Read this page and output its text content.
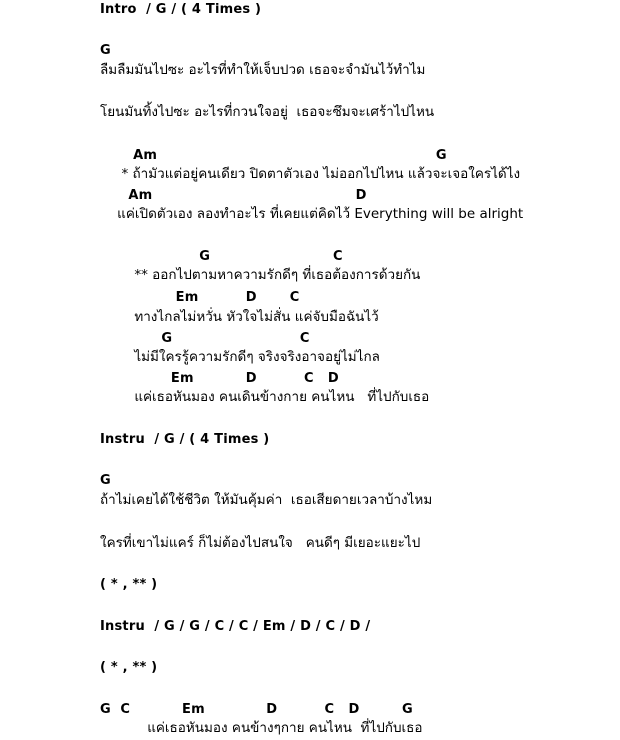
Intro  / G / ( 4 Times )
G
ลืมลืมมันไปซะ อะไรที่ทำให้เจ็บปวด เธอจะจำมันไว้ทำไม
โยนมันทิ้งไปซะ อะไรที่กวนใจอยู่  เธอจะซึมจะเศร้าไปไหน
Am                                                           G
* ถ้ามัวแต่อยู่คนเดียว ปิดตาตัวเอง ไม่ออกไปไหน แล้วจะเจอใครได้ไง
Am                                           D
แค่เปิดตัวเอง ลองทำอะไร ที่เคยแต่คิดไว้ Everything will be alright
G                          C
** ออกไปตามหาความรักดีๆ ที่เธอต้องการด้วยกัน
Em          D       C
ทางไกลไม่หวั่น หัวใจไม่สั่น แค่จับมือฉันไว้
G                           C
ไม่มีใครรู้ความรักดีๆ จริงจริงอาจอยู่ไม่ไกล
Em           D          C   D
แค่เธอหันมอง คนเดินข้างกาย คนไหน   ที่ไปกับเธอ
Instru  / G / ( 4 Times )
G
ถ้าไม่เคยได้ใช้ชีวิต ให้มันคุ้มค่า  เธอเสียดายเวลาบ้างไหม
ใครที่เขาไม่แคร์ ก็ไม่ต้องไปสนใจ   คนดีๆ มีเยอะแยะไป
( * , ** )
Instru  / G / G / C / C / Em / D / C / D /
( * , ** )
G  C           Em             D          C   D         G
แค่เธอหันมอง คนข้างๆกาย คนไหน  ที่ไปกับเธอ
